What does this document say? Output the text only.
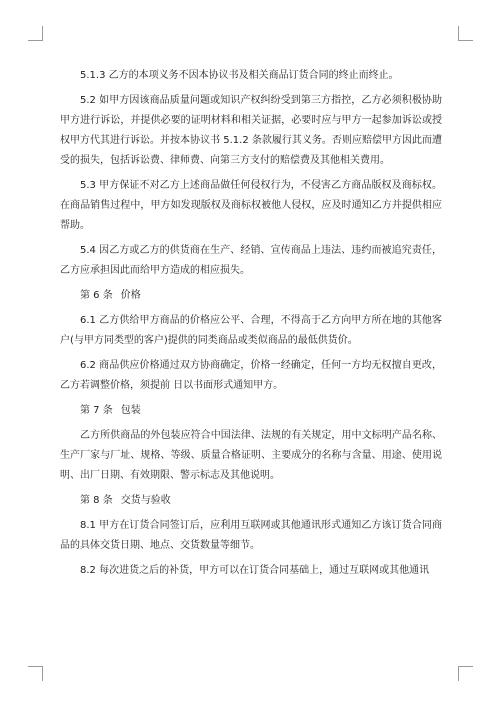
5.1.3 乙方的本项义务不因本协议书及相关商品订货合同的终止而终止。

5.2 如甲方因该商品质量问题或知识产权纠纷受到第三方指控，乙方必须积极协助甲方进行诉讼，并提供必要的证明材料和相关证据，必要时应与甲方一起参加诉讼或授权甲方代其进行诉讼。并按本协议书 5.1.2 条款履行其义务。否则应赔偿甲方因此而遭受的损失，包括诉讼费、律师费、向第三方支付的赔偿费及其他相关费用。

5.3 甲方保证不对乙方上述商品做任何侵权行为，不侵害乙方商品版权及商标权。在商品销售过程中，甲方如发现版权及商标权被他人侵权，应及时通知乙方并提供相应帮助。

5.4 因乙方或乙方的供货商在生产、经销、宣传商品上违法、违约而被追究责任，乙方应承担因此而给甲方造成的相应损失。

第 6 条 价格

6.1 乙方供给甲方商品的价格应公平、合理，不得高于乙方向甲方所在地的其他客户(与甲方同类型的客户)提供的同类商品或类似商品的最低供货价。

6.2 商品供应价格通过双方协商确定，价格一经确定，任何一方均无权擅自更改，乙方若调整价格，须提前 日以书面形式通知甲方。

第 7 条 包装

乙方所供商品的外包装应符合中国法律、法规的有关规定，用中文标明产品名称、生产厂家与厂址、规格、等级、质量合格证明、主要成分的名称与含量、用途、使用说明、出厂日期、有效期限、警示标志及其他说明。

第 8 条 交货与验收

8.1 甲方在订货合同签订后，应利用互联网或其他通讯形式通知乙方该订货合同商品的具体交货日期、地点、交货数量等细节。

8.2 每次进货之后的补货，甲方可以在订货合同基础上，通过互联网或其他通讯
